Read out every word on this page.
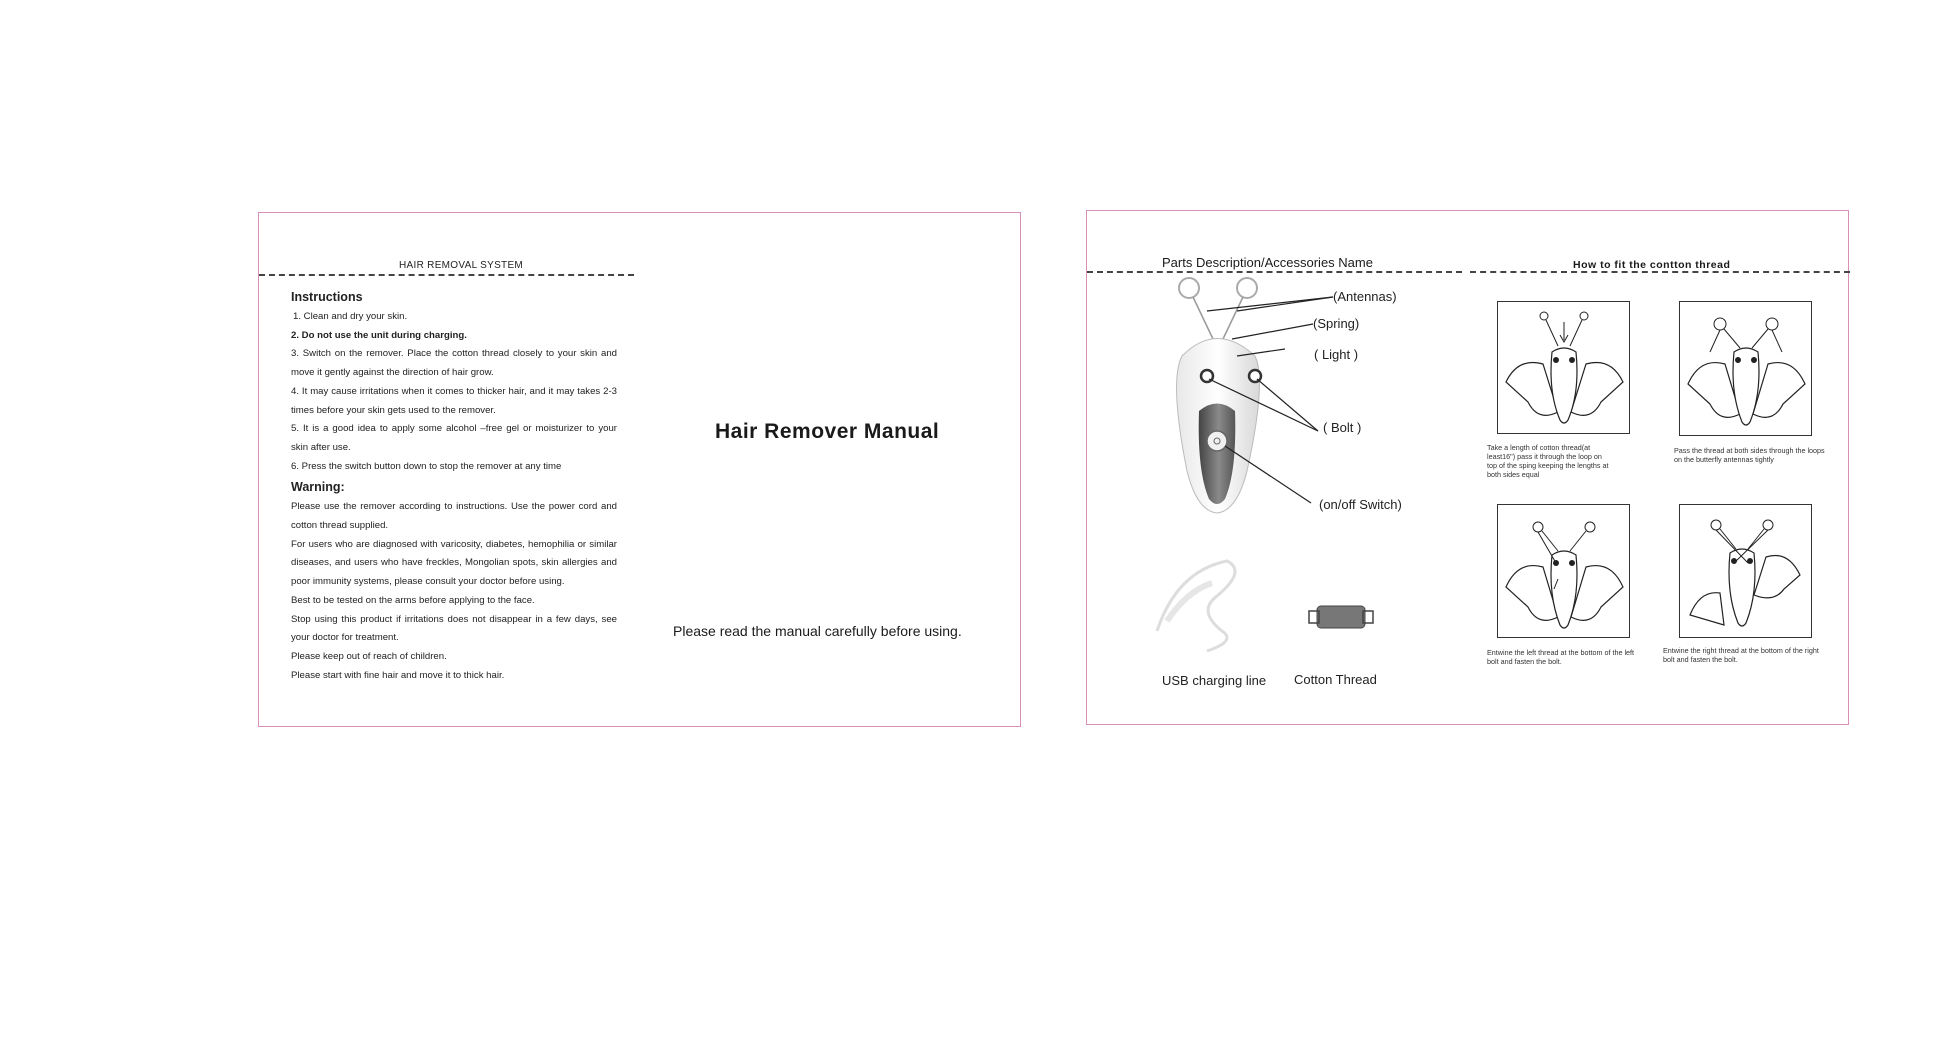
HAIR REMOVAL SYSTEM
Instructions

1. Clean and dry your skin.

2. Do not use the unit during charging.

3. Switch on the remover. Place the cotton thread closely to your skin and move it gently against the direction of hair grow.

4. It may cause irritations when it comes to thicker hair, and it may takes 2-3 times before your skin gets used to the remover.

5. It is a good idea to apply some alcohol –free gel or moisturizer to your skin after use.

6. Press the switch button down to stop the remover at any time

Warning:

Please use the remover according to instructions. Use the power cord and cotton thread supplied.

For users who are diagnosed with varicosity, diabetes, hemophilia or similar diseases, and users who have freckles, Mongolian spots, skin allergies and poor immunity systems, please consult your doctor before using.

Best to be tested on the arms before applying to the face.

Stop using this product if irritations does not disappear in a few days, see your doctor for treatment.

Please keep out of reach of children.

Please start with fine hair and move it to thick hair.

Hair Remover Manual
Please read the manual carefully before using.
Parts Description/Accessories Name	How to fit the contton thread
(Antennas)
(Spring)
( Light )
( Bolt )
(on/off Switch)
USB charging line Cotton Thread
Take a length of cotton thread(at least16") pass it through the loop on top of the sping keeping the lengths at both sides equal
Pass the thread at both sides through the loops on the butterfly antennas tightly
Entwine the left thread at the bottom of the left bolt and fasten the bolt.
Entwine the right thread at the bottom of the right bolt and fasten the bolt.
